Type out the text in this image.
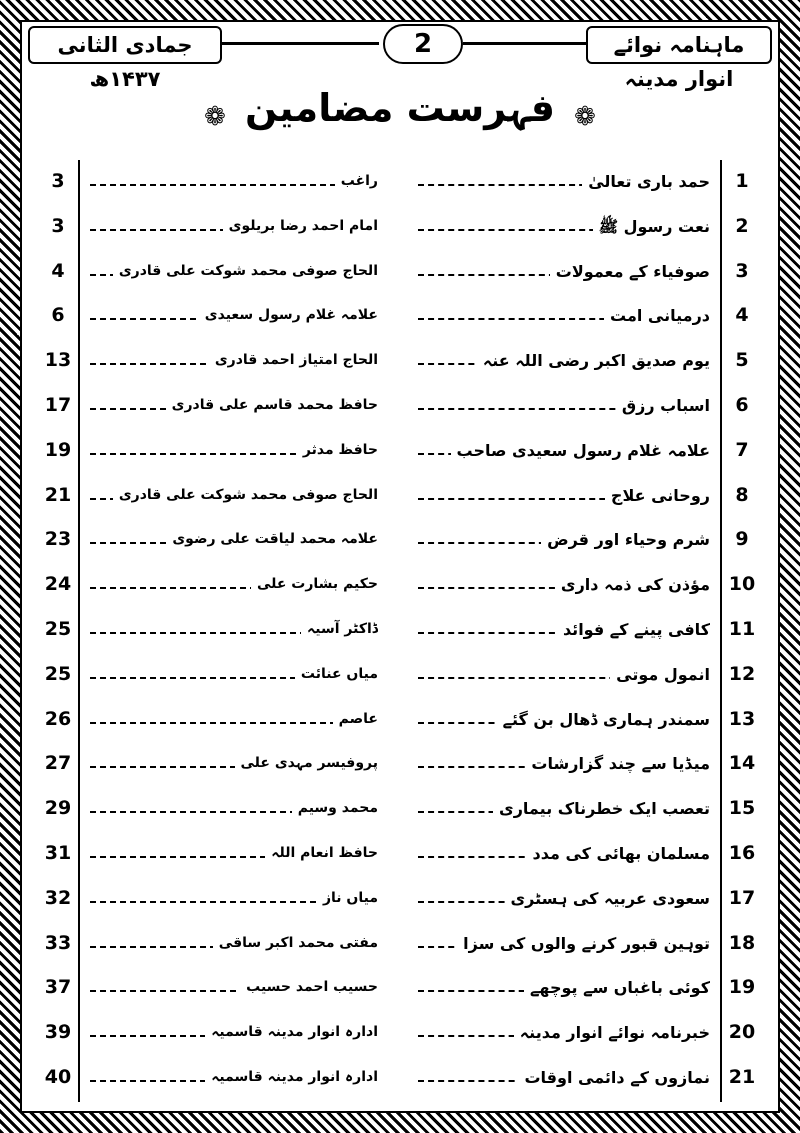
ماہنامہ نوائے انوار مدینہ
2
جمادی الثانی ۱۴۳۷ھ
❁ فہرست مضامین ❁
1
حمد باری تعالیٰ
راغب
3
2
نعت رسول ﷺ
امام احمد رضا بریلوی
3
3
صوفیاء کے معمولات
الحاج صوفی محمد شوکت علی قادری
4
4
درمیانی امت
علامہ غلام رسول سعیدی
6
5
یوم صدیق اکبر رضی اللہ عنہ
الحاج امتیاز احمد قادری
13
6
اسباب رزق
حافظ محمد قاسم علی قادری
17
7
علامہ غلام رسول سعیدی صاحب
حافظ مدثر
19
8
روحانی علاج
الحاج صوفی محمد شوکت علی قادری
21
9
شرم وحیاء اور قرض
علامہ محمد لیاقت علی رضوی
23
10
مؤذن کی ذمہ داری
حکیم بشارت علی
24
11
کافی پینے کے فوائد
ڈاکٹر آسیہ
25
12
انمول موتی
میاں عنائت
25
13
سمندر ہماری ڈھال بن گئے
عاصم
26
14
میڈیا سے چند گزارشات
پروفیسر مہدی علی
27
15
تعصب ایک خطرناک بیماری
محمد وسیم
29
16
مسلمان بھائی کی مدد
حافظ انعام اللہ
31
17
سعودی عربیہ کی ہسٹری
میاں ناز
32
18
توہین قبور کرنے والوں کی سزا
مفتی محمد اکبر ساقی
33
19
کوئی باغباں سے پوچھے
حسیب احمد حسیب
37
20
خبرنامہ نوائے انوار مدینہ
ادارہ انوار مدینہ قاسمیہ
39
21
نمازوں کے دائمی اوقات
ادارہ انوار مدینہ قاسمیہ
40
